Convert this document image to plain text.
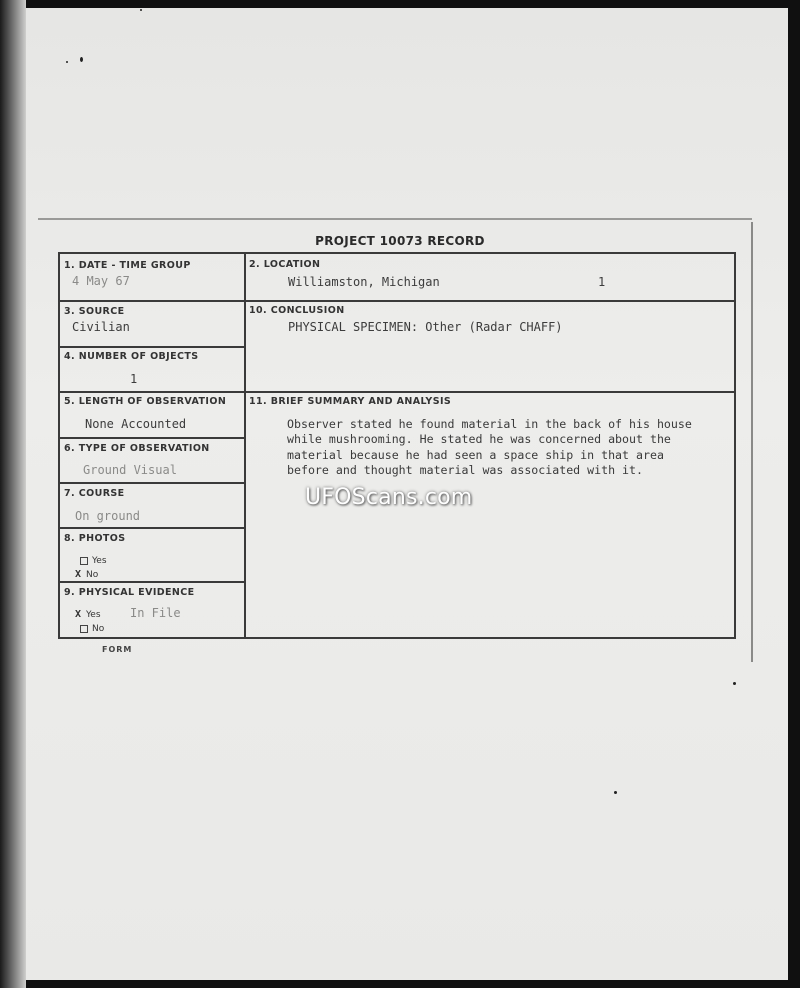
PROJECT 10073 RECORD
1. DATE - TIME GROUP
4 May 67
2. LOCATION
Williamston, Michigan	1
3. SOURCE
Civilian
10. CONCLUSION
PHYSICAL SPECIMEN: Other (Radar CHAFF)
4. NUMBER OF OBJECTS
1
5. LENGTH OF OBSERVATION
None Accounted
11. BRIEF SUMMARY AND ANALYSIS
Observer stated he found material in the back of his house
while mushrooming. He stated he was concerned about the
material because he had seen a space ship in that area
before and thought material was associated with it.
6. TYPE OF OBSERVATION
Ground Visual
7. COURSE
On ground
8. PHOTOS
Yes
X No
9. PHYSICAL EVIDENCE
X Yes In File
No
FORM
UFOScans.com
